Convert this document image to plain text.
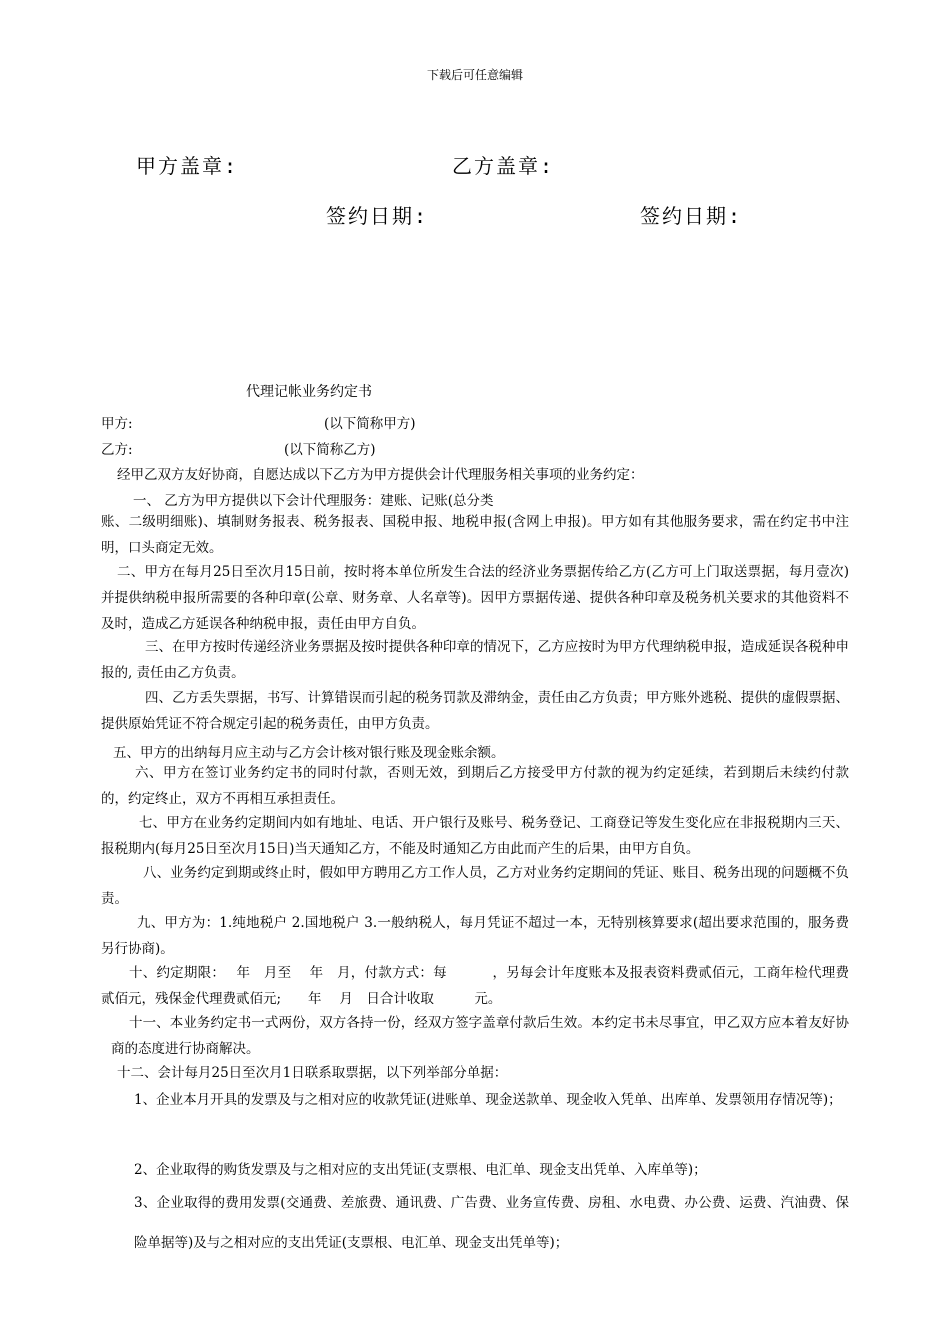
下载后可任意编辑
甲方盖章:	乙方盖章:
签约日期:	签约日期:
代理记帐业务约定书
甲方:	(以下简称甲方)
乙方:	(以下简称乙方)
经甲乙双方友好协商，自愿达成以下乙方为甲方提供会计代理服务相关事项的业务约定：
一、 乙方为甲方提供以下会计代理服务：建账、记账(总分类
账、二级明细账)、填制财务报表、税务报表、国税申报、地税申报(含网上申报)。甲方如有其他服务要求，需在约定书中注明，口头商定无效。
二、甲方在每月25日至次月15日前，按时将本单位所发生合法的经济业务票据传给乙方(乙方可上门取送票据，每月壹次)并提供纳税申报所需要的各种印章(公章、财务章、人名章等)。因甲方票据传递、提供各种印章及税务机关要求的其他资料不及时，造成乙方延误各种纳税申报，责任由甲方自负。
三、在甲方按时传递经济业务票据及按时提供各种印章的情况下，乙方应按时为甲方代理纳税申报，造成延误各税种申报的, 责任由乙方负责。
四、乙方丢失票据，书写、计算错误而引起的税务罚款及滞纳金，责任由乙方负责；甲方账外逃税、提供的虚假票据、提供原始凭证不符合规定引起的税务责任，由甲方负责。
五、甲方的出纳每月应主动与乙方会计核对银行账及现金账余额。
六、甲方在签订业务约定书的同时付款，否则无效，到期后乙方接受甲方付款的视为约定延续，若到期后未续约付款的，约定终止，双方不再相互承担责任。
七、甲方在业务约定期间内如有地址、电话、开户银行及账号、税务登记、工商登记等发生变化应在非报税期内三天、报税期内(每月25日至次月15日)当天通知乙方，不能及时通知乙方由此而产生的后果，由甲方自负。
八、业务约定到期或终止时，假如甲方聘用乙方工作人员，乙方对业务约定期间的凭证、账目、税务出现的问题概不负责。
九、甲方为：1.纯地税户 2.国地税户 3.一般纳税人，每月凭证不超过一本，无特别核算要求(超出要求范围的，服务费另行协商)。
十、约定期限：　 年　月至　 年　月，付款方式：每　　　 ，另每会计年度账本及报表资料费贰佰元，工商年检代理费贰佰元，残保金代理费贰佰元;　　年　 月　日合计收取　　　元。
十一、本业务约定书一式两份，双方各持一份，经双方签字盖章付款后生效。本约定书未尽事宜，甲乙双方应本着友好协商的态度进行协商解决。
十二、会计每月25日至次月1日联系取票据，以下列举部分单据：
1、企业本月开具的发票及与之相对应的收款凭证(进账单、现金送款单、现金收入凭单、出库单、发票领用存情况等)；
2、企业取得的购货发票及与之相对应的支出凭证(支票根、电汇单、现金支出凭单、入库单等)；
3、企业取得的费用发票(交通费、差旅费、通讯费、广告费、业务宣传费、房租、水电费、办公费、运费、汽油费、保险单据等)及与之相对应的支出凭证(支票根、电汇单、现金支出凭单等)；
